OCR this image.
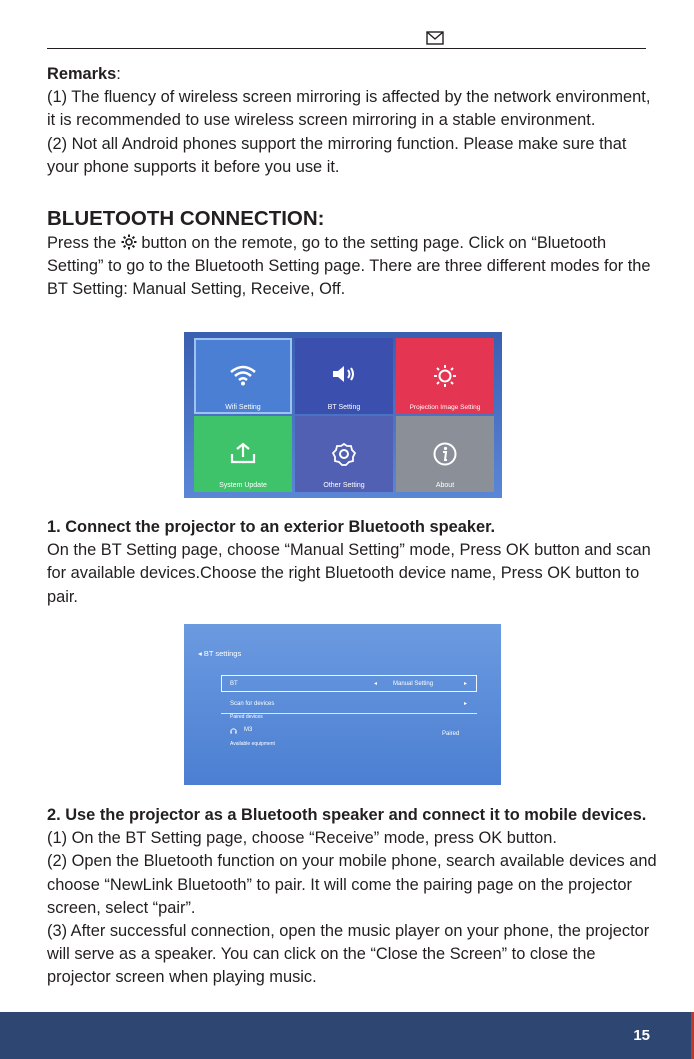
Remarks:

(1) The fluency of wireless screen mirroring is affected by the network environment, it is recommended to use wireless screen mirroring in a stable environment.

(2) Not all Android phones support the mirroring function. Please make sure that your phone supports it before you use it.

BLUETOOTH CONNECTION:

Press the button on the remote, go to the setting page. Click on “Bluetooth Setting” to go to the Bluetooth Setting page. There are three different modes for the BT Setting: Manual Setting, Receive, Off.

Wifi Setting	BT Setting	Projection Image Setting
System Update	Other Setting	About

1. Connect the projector to an exterior Bluetooth speaker.

On the BT Setting page, choose “Manual Setting” mode, Press OK button and scan for available devices.Choose the right Bluetooth device name, Press OK button to pair.

◂ BT settings
BT	◂	Manual Setting	▸
Scan for devices	▸
Paired devices
M3
Paired
Available equipment

2. Use the projector as a Bluetooth speaker and connect it to mobile devices.

(1) On the BT Setting page, choose “Receive” mode, press OK button.

(2) Open the Bluetooth function on your mobile phone, search available devices and choose “NewLink Bluetooth” to pair. It will come the pairing page on the projector screen, select “pair”.

(3) After successful connection, open the music player on your phone, the projector will serve as a speaker. You can click on the “Close the Screen” to close the projector screen when playing music.

15
